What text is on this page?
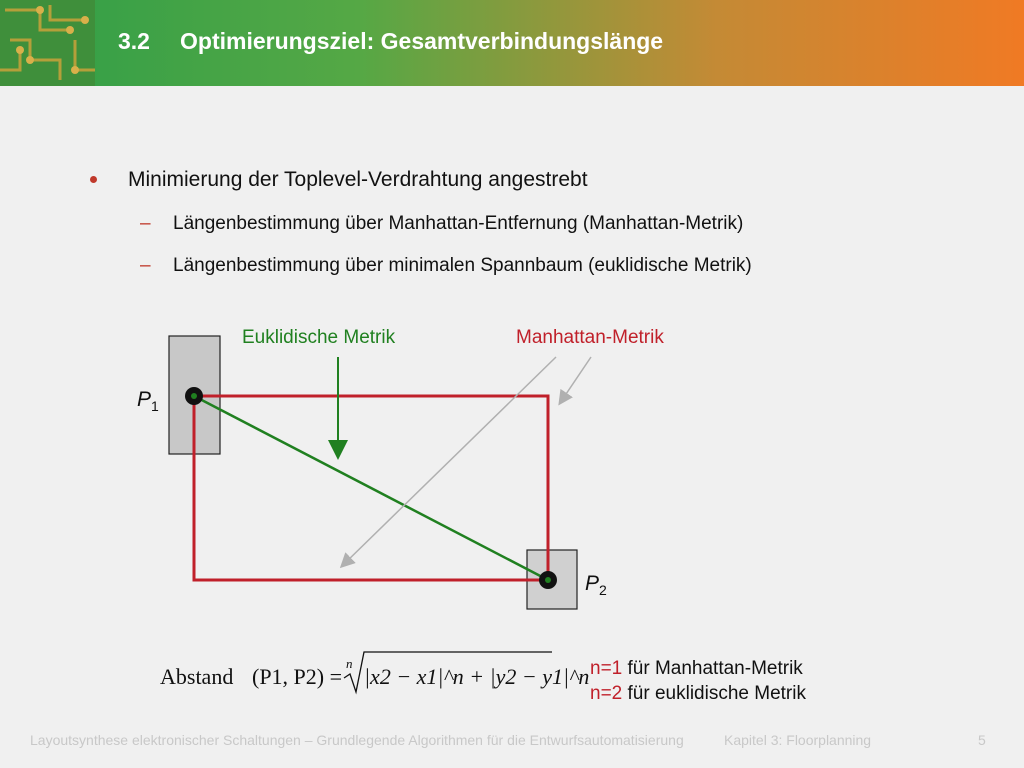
3.2 Optimierungsziel: Gesamtverbindungslänge
Minimierung der Toplevel-Verdrahtung angestrebt
– Längenbestimmung über Manhattan-Entfernung (Manhattan-Metrik)
– Längenbestimmung über minimalen Spannbaum (euklidische Metrik)
Euklidische Metrik	Manhattan-Metrik
$P_1$
$P_2$
Abstand (P1, P2) =
n
|x2 − x1|^n + |y2 − y1|^n n=1 für Manhattan-Metrik
n=2 für euklidische Metrik
Layoutsynthese elektronischer Schaltungen – Grundlegende Algorithmen für die Entwurfsautomatisierung	Kapitel 3: Floorplanning	5
